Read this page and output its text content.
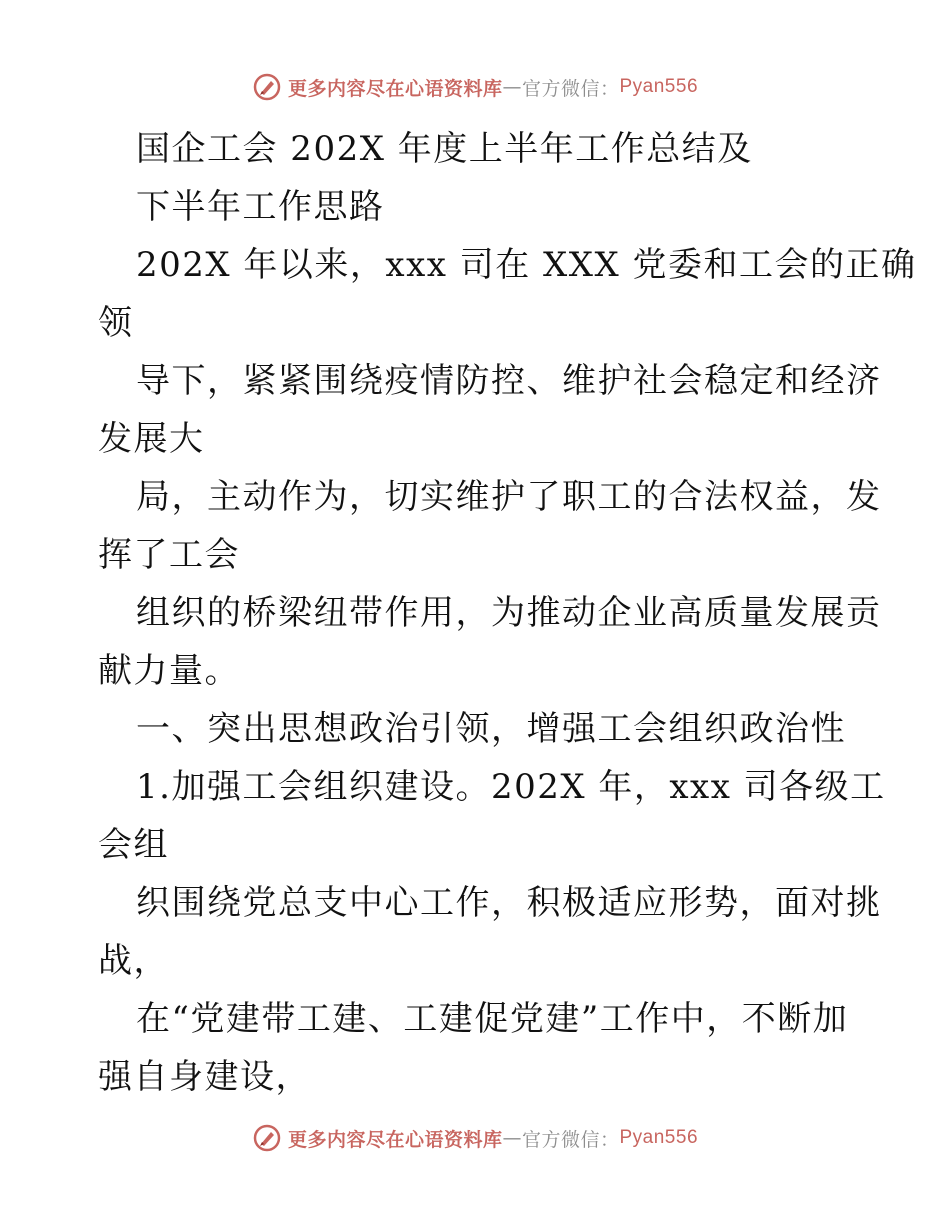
更多内容尽在心语资料库 — 官方微信： Pyan556
国企工会 202X 年度上半年工作总结及
下半年工作思路
202X 年以来，xxx 司在 XXX 党委和工会的正确
领
导下，紧紧围绕疫情防控、维护社会稳定和经济
发展大
局，主动作为，切实维护了职工的合法权益，发
挥了工会
组织的桥梁纽带作用，为推动企业高质量发展贡
献力量。
一、突出思想政治引领，增强工会组织政治性
1.加强工会组织建设。202X 年，xxx 司各级工
会组
织围绕党总支中心工作，积极适应形势，面对挑
战，
在“党建带工建、工建促党建”工作中，不断加
强自身建设，
更多内容尽在心语资料库 — 官方微信： Pyan556
